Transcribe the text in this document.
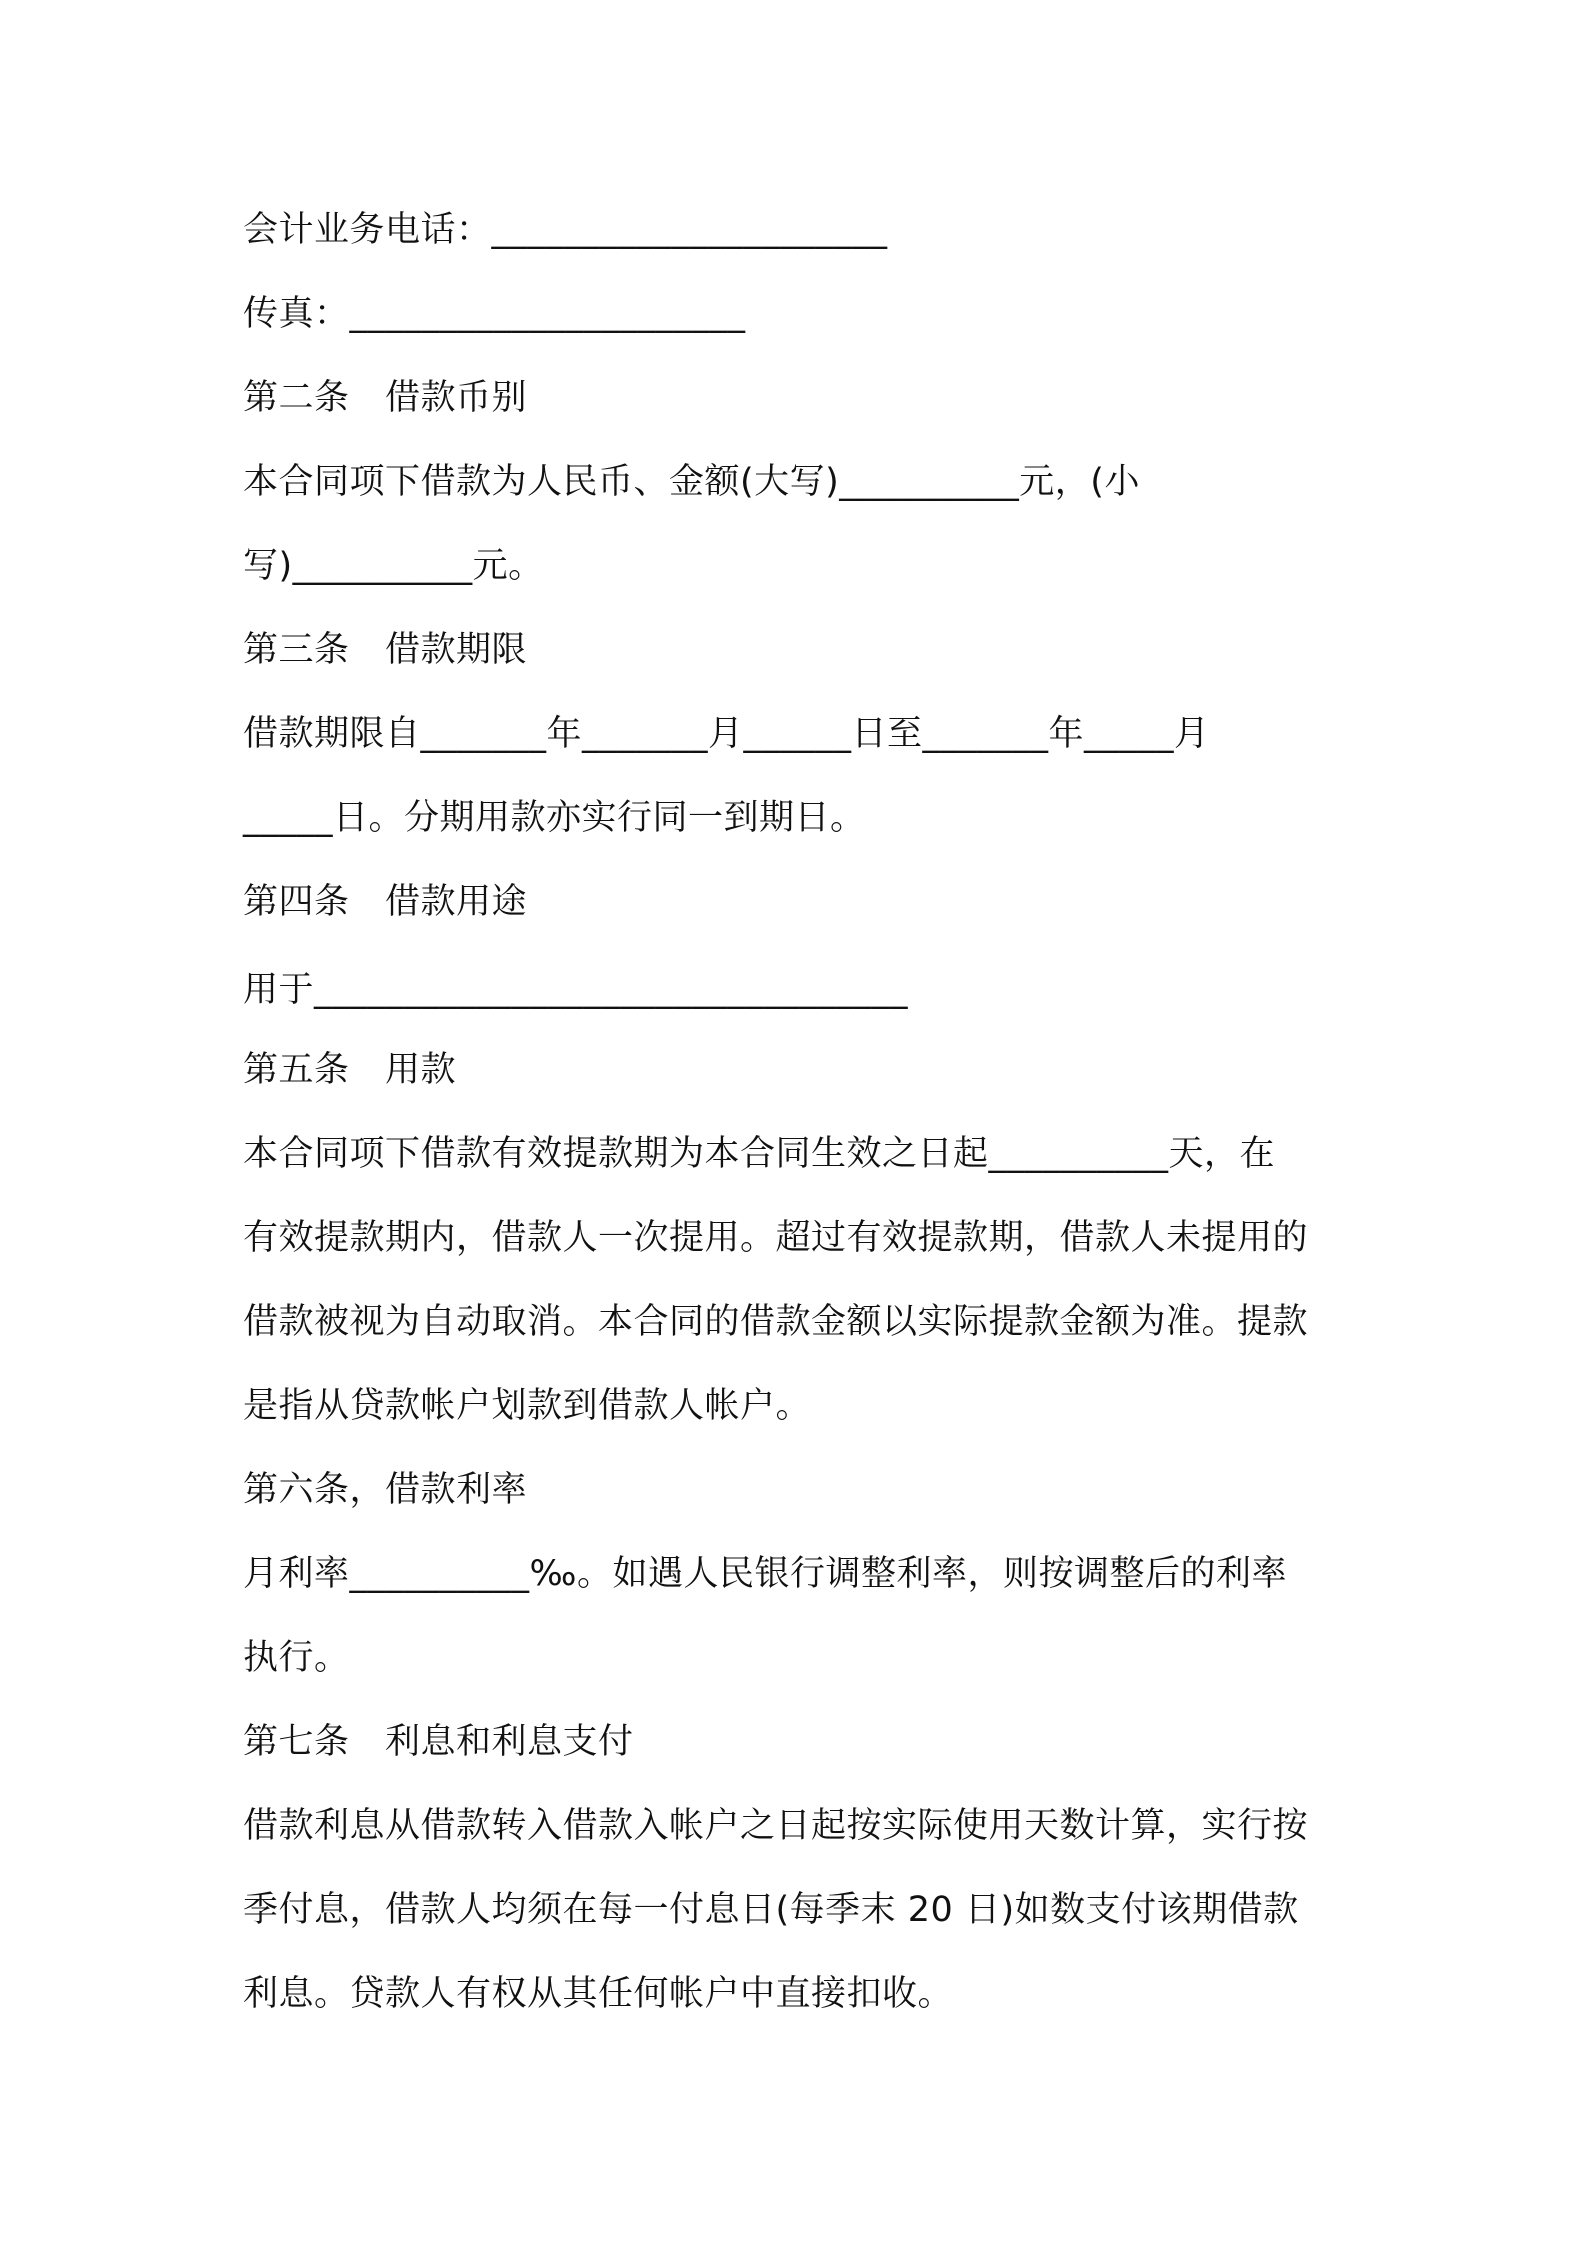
会计业务电话：______________________
传真：______________________
第二条　借款币别
本合同项下借款为人民币、金额(大写)__________元，(小
写)__________元。
第三条　借款期限
借款期限自_______年_______月______日至_______年_____月
_____日。分期用款亦实行同一到期日。
第四条　借款用途
用于_________________________________
第五条　用款
本合同项下借款有效提款期为本合同生效之日起__________天，在
有效提款期内，借款人一次提用。超过有效提款期，借款人未提用的
借款被视为自动取消。本合同的借款金额以实际提款金额为准。提款
是指从贷款帐户划款到借款人帐户。
第六条，借款利率
月利率__________‰。如遇人民银行调整利率，则按调整后的利率
执行。
第七条　利息和利息支付
借款利息从借款转入借款入帐户之日起按实际使用天数计算，实行按
季付息，借款人均须在每一付息日(每季末 20 日)如数支付该期借款
利息。贷款人有权从其任何帐户中直接扣收。
